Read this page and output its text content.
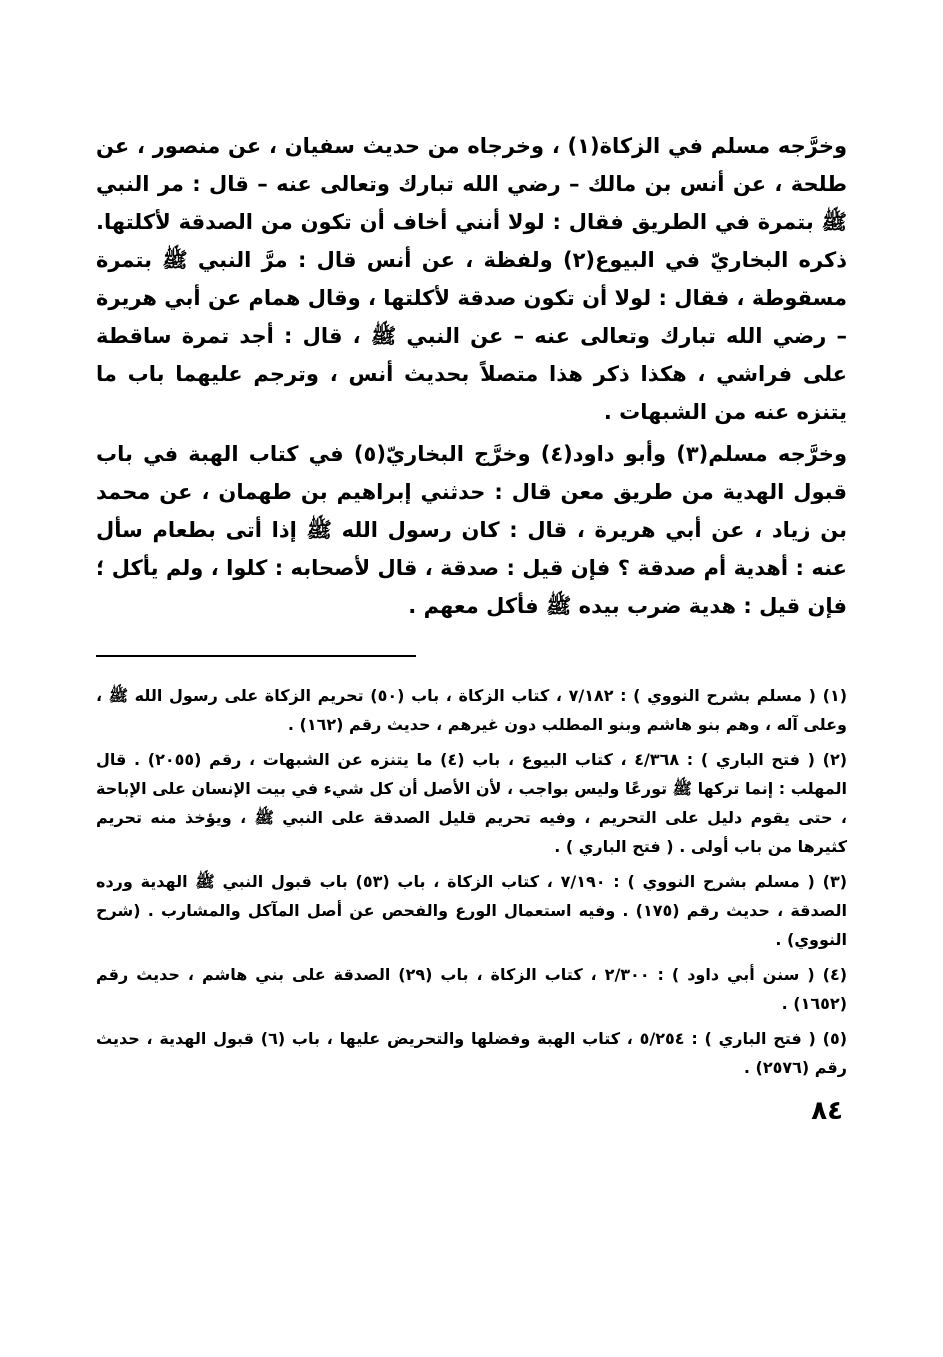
وخرَّجه مسلم في الزكاة(١) ، وخرجاه من حديث سفيان ، عن منصور ، عن طلحة ، عن أنس بن مالك – رضي الله تبارك وتعالى عنه – قال : مر النبي ﷺ بتمرة في الطريق فقال : لولا أنني أخاف أن تكون من الصدقة لأكلتها. ذكره البخاريّ في البيوع(٢) ولفظة ، عن أنس قال : مرَّ النبي ﷺ بتمرة مسقوطة ، فقال : لولا أن تكون صدقة لأكلتها ، وقال همام عن أبي هريرة – رضي الله تبارك وتعالى عنه – عن النبي ﷺ ، قال : أجد تمرة ساقطة على فراشي ، هكذا ذكر هذا متصلاً بحديث أنس ، وترجم عليهما باب ما يتنزه عنه من الشبهات .

وخرَّجه مسلم(٣) وأبو داود(٤) وخرَّج البخاريّ(٥) في كتاب الهبة في باب قبول الهدية من طريق معن قال : حدثني إبراهيم بن طهمان ، عن محمد بن زياد ، عن أبي هريرة ، قال : كان رسول الله ﷺ إذا أتى بطعام سأل عنه : أهدية أم صدقة ؟ فإن قيل : صدقة ، قال لأصحابه : كلوا ، ولم يأكل ؛ فإن قيل : هدية ضرب بيده ﷺ فأكل معهم .

(١) ( مسلم بشرح النووي ) : ٧/١٨٢ ، كتاب الزكاة ، باب (٥٠) تحريم الزكاة على رسول الله ﷺ ، وعلى آله ، وهم بنو هاشم وبنو المطلب دون غيرهم ، حديث رقم (١٦٢) .

(٢) ( فتح الباري ) : ٤/٣٦٨ ، كتاب البيوع ، باب (٤) ما يتنزه عن الشبهات ، رقم (٢٠٥٥) . قال المهلب : إنما تركها ﷺ تورعًا وليس بواجب ، لأن الأصل أن كل شيء في بيت الإنسان على الإباحة ، حتى يقوم دليل على التحريم ، وفيه تحريم قليل الصدقة على النبي ﷺ ، ويؤخذ منه تحريم كثيرها من باب أولى . ( فتح الباري ) .

(٣) ( مسلم بشرح النووي ) : ٧/١٩٠ ، كتاب الزكاة ، باب (٥٣) باب قبول النبي ﷺ الهدية ورده الصدقة ، حديث رقم (١٧٥) . وفيه استعمال الورع والفحص عن أصل المآكل والمشارب . (شرح النووي) .

(٤) ( سنن أبي داود ) : ٢/٣٠٠ ، كتاب الزكاة ، باب (٢٩) الصدقة على بني هاشم ، حديث رقم (١٦٥٢) .

(٥) ( فتح الباري ) : ٥/٢٥٤ ، كتاب الهبة وفضلها والتحريض عليها ، باب (٦) قبول الهدية ، حديث رقم (٢٥٧٦) .

٨٤
